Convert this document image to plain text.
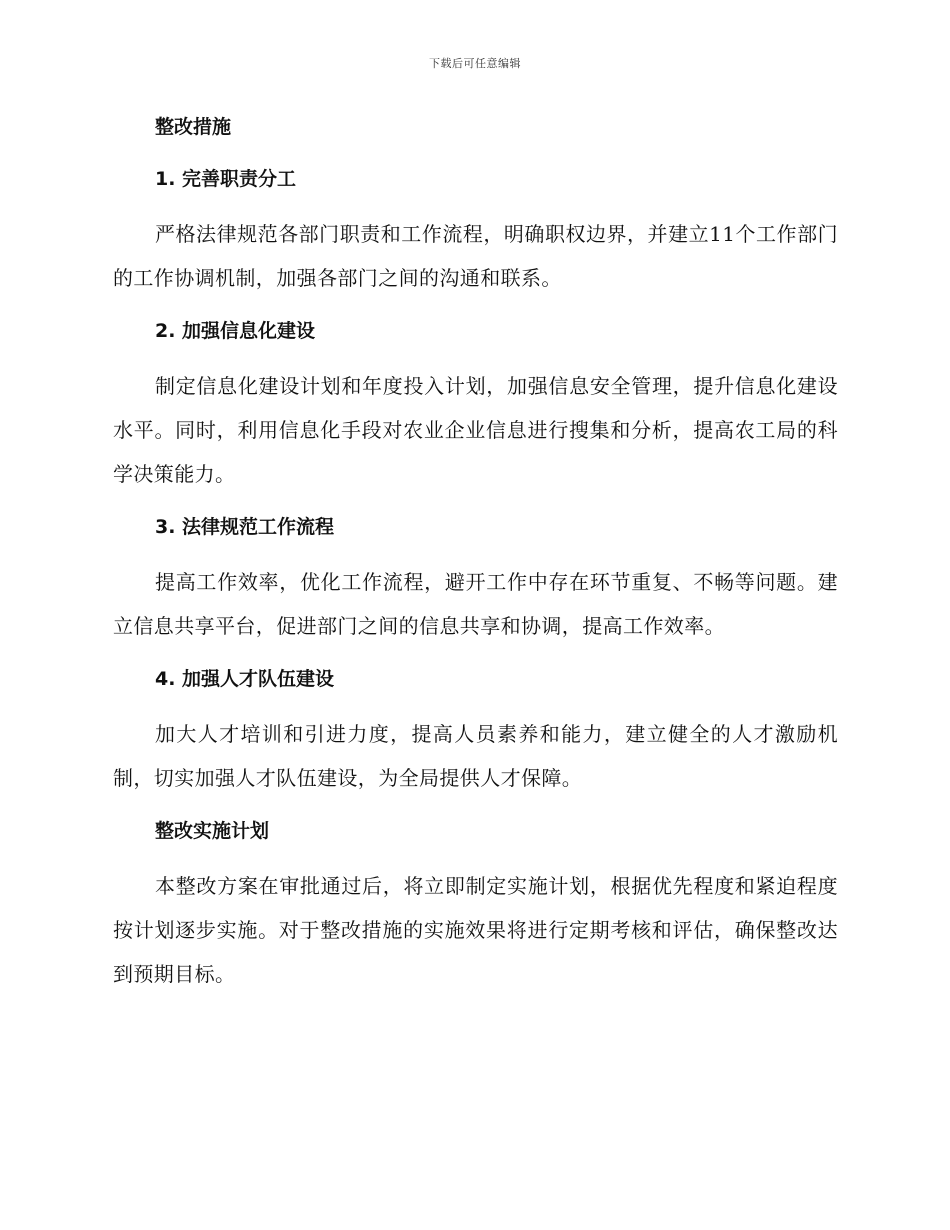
下载后可任意编辑
整改措施
1. 完善职责分工

严格法律规范各部门职责和工作流程，明确职权边界，并建立11个工作部门的工作协调机制，加强各部门之间的沟通和联系。

2. 加强信息化建设

制定信息化建设计划和年度投入计划，加强信息安全管理，提升信息化建设水平。同时，利用信息化手段对农业企业信息进行搜集和分析，提高农工局的科学决策能力。

3. 法律规范工作流程

提高工作效率，优化工作流程，避开工作中存在环节重复、不畅等问题。建立信息共享平台，促进部门之间的信息共享和协调，提高工作效率。

4. 加强人才队伍建设

加大人才培训和引进力度，提高人员素养和能力，建立健全的人才激励机制，切实加强人才队伍建设，为全局提供人才保障。

整改实施计划

本整改方案在审批通过后，将立即制定实施计划，根据优先程度和紧迫程度按计划逐步实施。对于整改措施的实施效果将进行定期考核和评估，确保整改达到预期目标。
